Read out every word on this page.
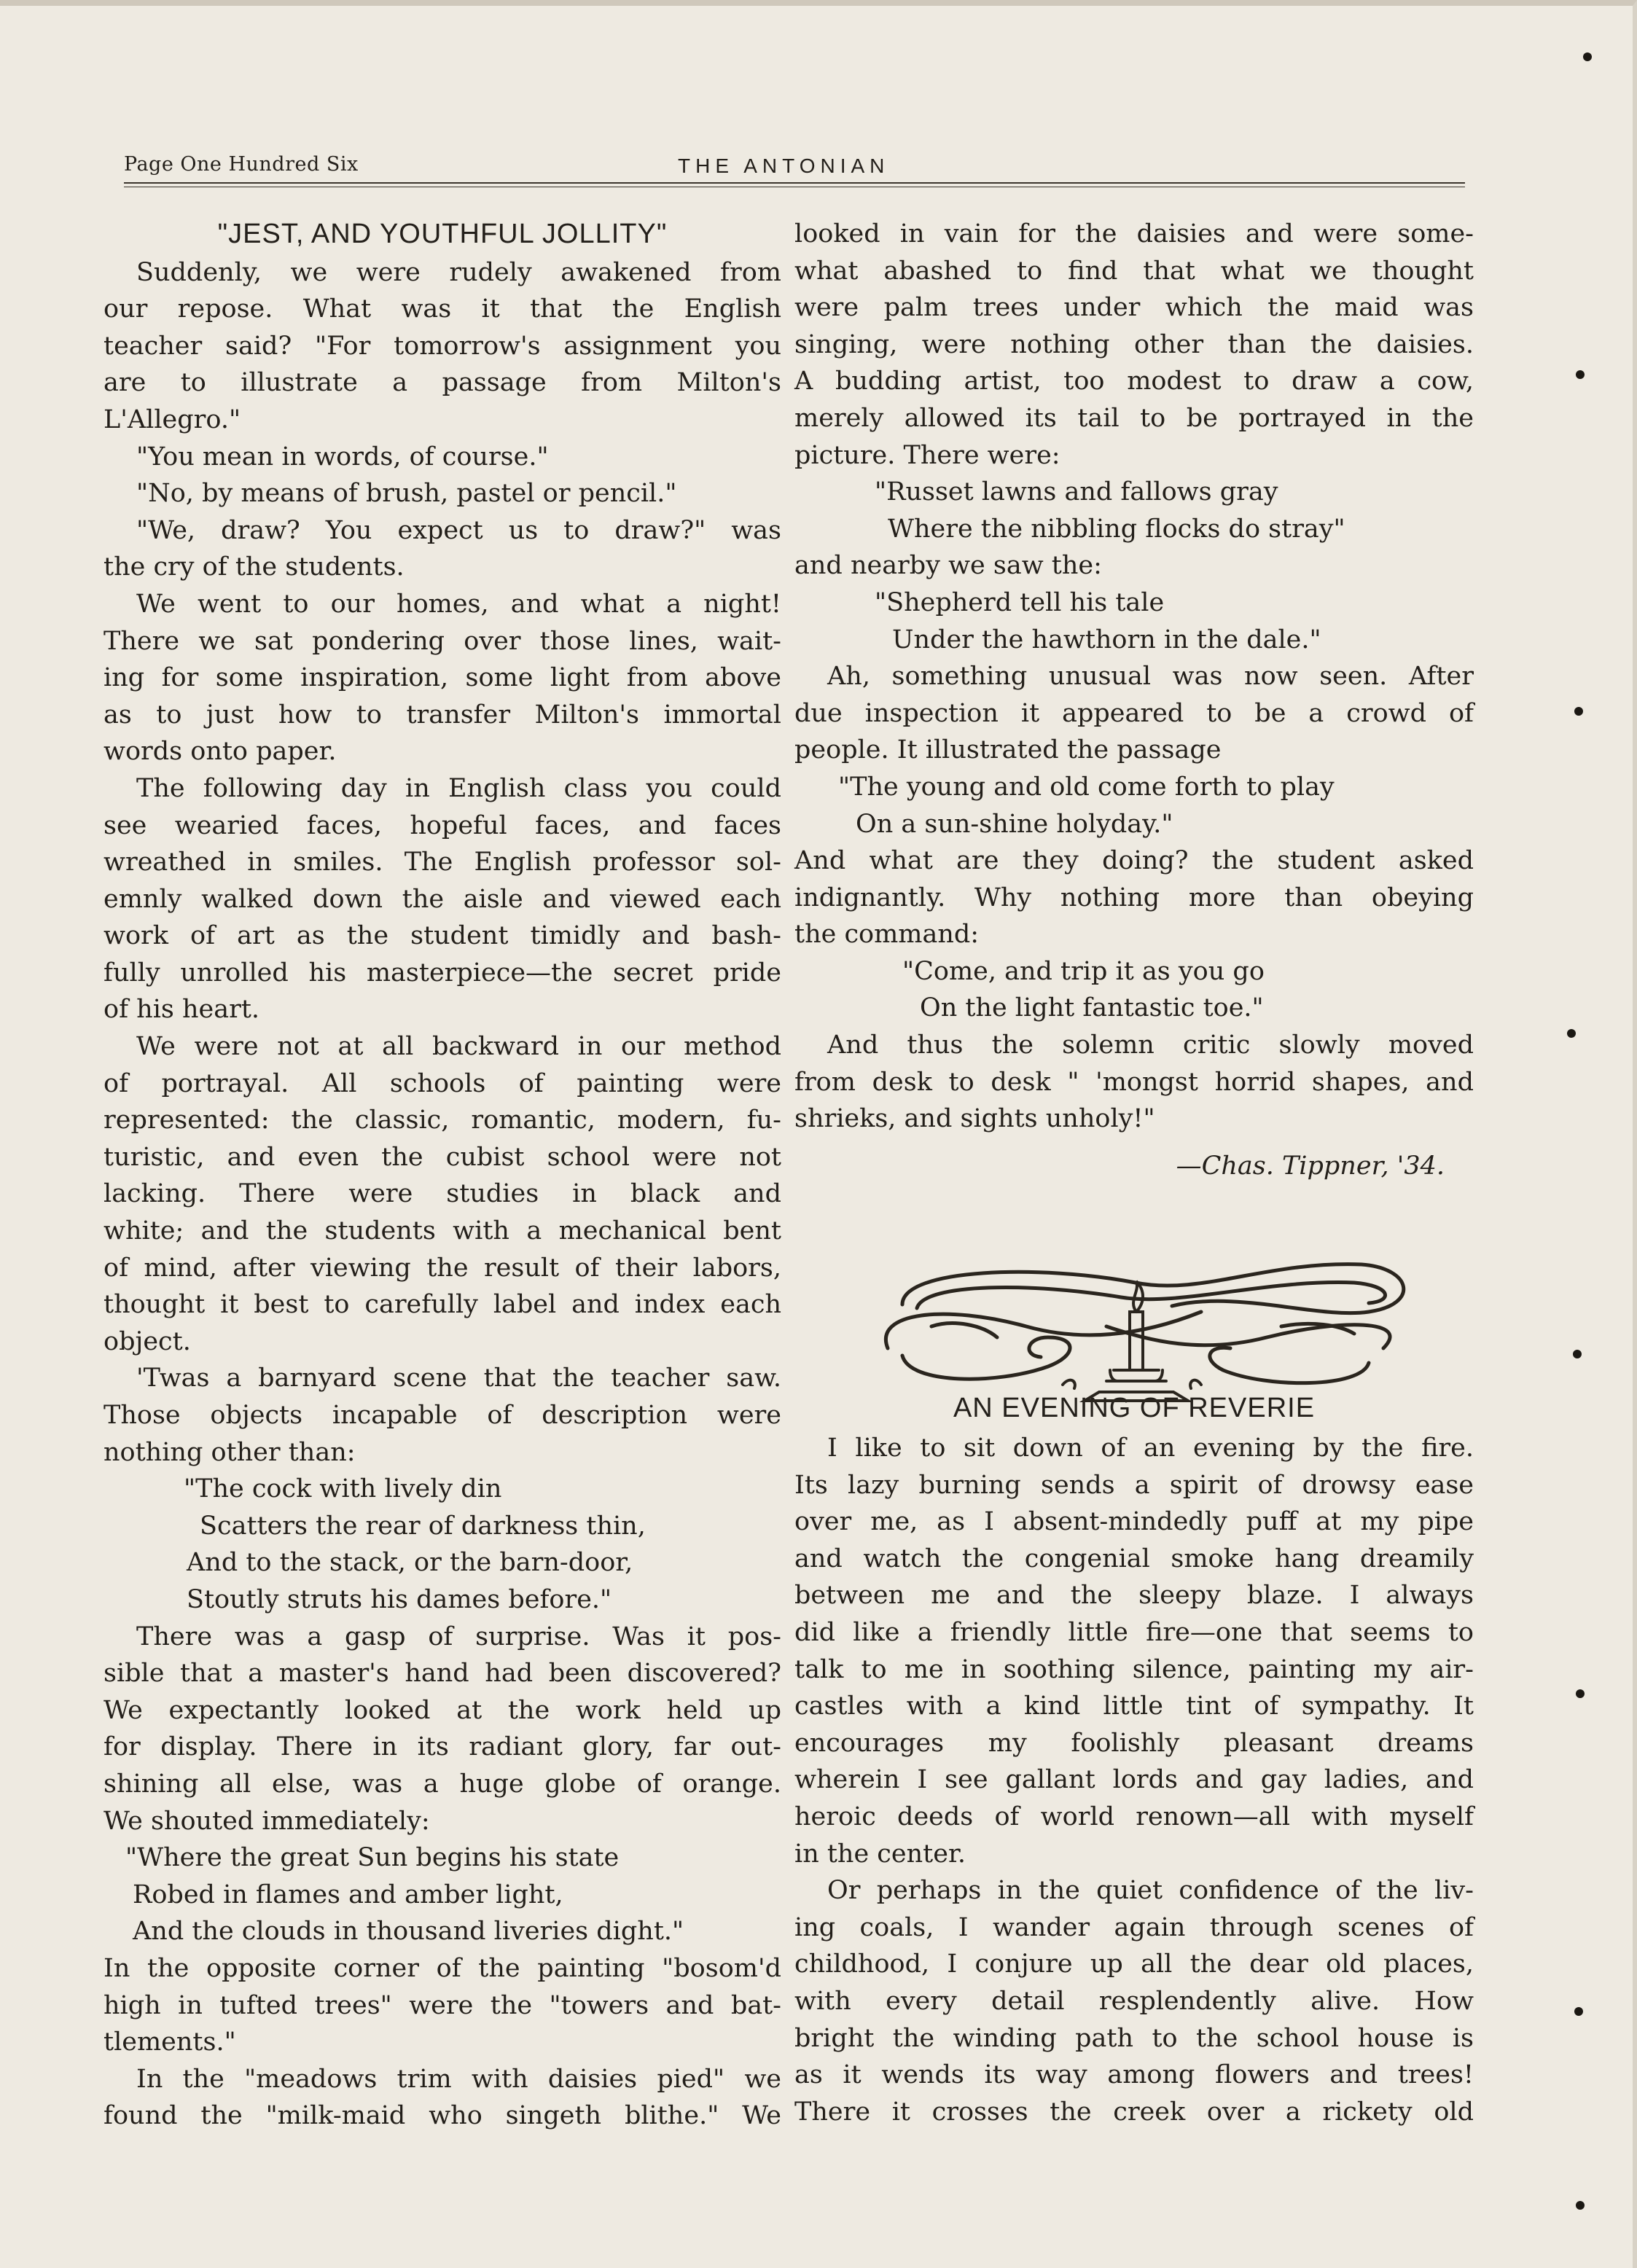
Page One Hundred Six	THE ANTONIAN

"JEST, AND YOUTHFUL JOLLITY"

Suddenly, we were rudely awakened from

our repose. What was it that the English

teacher said? "For tomorrow's assignment you

are to illustrate a passage from Milton's

L'Allegro."

"You mean in words, of course."

"No, by means of brush, pastel or pencil."

"We, draw? You expect us to draw?" was

the cry of the students.

We went to our homes, and what a night!

There we sat pondering over those lines, wait-

ing for some inspiration, some light from above

as to just how to transfer Milton's immortal

words onto paper.

The following day in English class you could

see wearied faces, hopeful faces, and faces

wreathed in smiles. The English professor sol-

emnly walked down the aisle and viewed each

work of art as the student timidly and bash-

fully unrolled his masterpiece—the secret pride

of his heart.

We were not at all backward in our method

of portrayal. All schools of painting were

represented: the classic, romantic, modern, fu-

turistic, and even the cubist school were not

lacking. There were studies in black and

white; and the students with a mechanical bent

of mind, after viewing the result of their labors,

thought it best to carefully label and index each

object.

'Twas a barnyard scene that the teacher saw.

Those objects incapable of description were

nothing other than:

"The cock with lively din

Scatters the rear of darkness thin,

And to the stack, or the barn-door,

Stoutly struts his dames before."

There was a gasp of surprise. Was it pos-

sible that a master's hand had been discovered?

We expectantly looked at the work held up

for display. There in its radiant glory, far out-

shining all else, was a huge globe of orange.

We shouted immediately:

"Where the great Sun begins his state

Robed in flames and amber light,

And the clouds in thousand liveries dight."

In the opposite corner of the painting "bosom'd

high in tufted trees" were the "towers and bat-

tlements."

In the "meadows trim with daisies pied" we

found the "milk-maid who singeth blithe." We

looked in vain for the daisies and were some-

what abashed to find that what we thought

were palm trees under which the maid was

singing, were nothing other than the daisies.

A budding artist, too modest to draw a cow,

merely allowed its tail to be portrayed in the

picture. There were:

"Russet lawns and fallows gray

Where the nibbling flocks do stray"

and nearby we saw the:

"Shepherd tell his tale

Under the hawthorn in the dale."

Ah, something unusual was now seen. After

due inspection it appeared to be a crowd of

people. It illustrated the passage

"The young and old come forth to play

On a sun-shine holyday."

And what are they doing? the student asked

indignantly. Why nothing more than obeying

the command:

"Come, and trip it as you go

On the light fantastic toe."

And thus the solemn critic slowly moved

from desk to desk " 'mongst horrid shapes, and

shrieks, and sights unholy!"

—Chas. Tippner, '34.

AN EVENING OF REVERIE

I like to sit down of an evening by the fire.

Its lazy burning sends a spirit of drowsy ease

over me, as I absent-mindedly puff at my pipe

and watch the congenial smoke hang dreamily

between me and the sleepy blaze. I always

did like a friendly little fire—one that seems to

talk to me in soothing silence, painting my air-

castles with a kind little tint of sympathy. It

encourages my foolishly pleasant dreams

wherein I see gallant lords and gay ladies, and

heroic deeds of world renown—all with myself

in the center.

Or perhaps in the quiet confidence of the liv-

ing coals, I wander again through scenes of

childhood, I conjure up all the dear old places,

with every detail resplendently alive. How

bright the winding path to the school house is

as it wends its way among flowers and trees!

There it crosses the creek over a rickety old
